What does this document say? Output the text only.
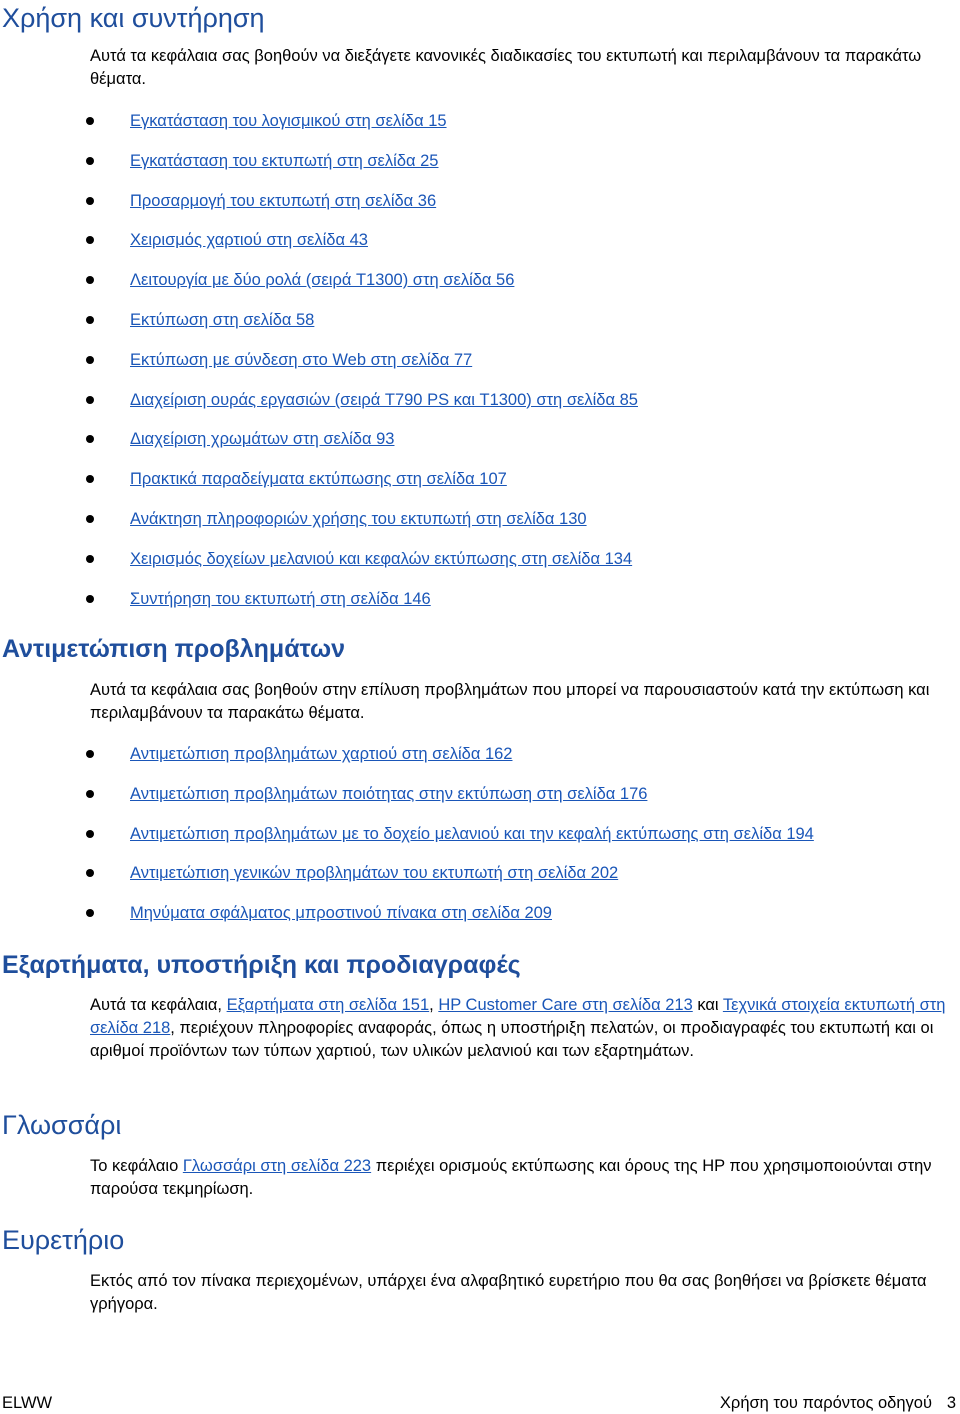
Χρήση και συντήρηση

Αυτά τα κεφάλαια σας βοηθούν να διεξάγετε κανονικές διαδικασίες του εκτυπωτή και περιλαμβάνουν τα παρακάτω θέματα.

Εγκατάσταση του λογισμικού στη σελίδα 15
Εγκατάσταση του εκτυπωτή στη σελίδα 25
Προσαρμογή του εκτυπωτή στη σελίδα 36
Χειρισμός χαρτιού στη σελίδα 43
Λειτουργία με δύο ρολά (σειρά T1300) στη σελίδα 56
Εκτύπωση στη σελίδα 58
Εκτύπωση με σύνδεση στο Web στη σελίδα 77
Διαχείριση ουράς εργασιών (σειρά T790 PS και T1300) στη σελίδα 85
Διαχείριση χρωμάτων στη σελίδα 93
Πρακτικά παραδείγματα εκτύπωσης στη σελίδα 107
Ανάκτηση πληροφοριών χρήσης του εκτυπωτή στη σελίδα 130
Χειρισμός δοχείων μελανιού και κεφαλών εκτύπωσης στη σελίδα 134
Συντήρηση του εκτυπωτή στη σελίδα 146
Αντιμετώπιση προβλημάτων

Αυτά τα κεφάλαια σας βοηθούν στην επίλυση προβλημάτων που μπορεί να παρουσιαστούν κατά την εκτύπωση και περιλαμβάνουν τα παρακάτω θέματα.

Αντιμετώπιση προβλημάτων χαρτιού στη σελίδα 162
Αντιμετώπιση προβλημάτων ποιότητας στην εκτύπωση στη σελίδα 176
Αντιμετώπιση προβλημάτων με το δοχείο μελανιού και την κεφαλή εκτύπωσης στη σελίδα 194
Αντιμετώπιση γενικών προβλημάτων του εκτυπωτή στη σελίδα 202
Μηνύματα σφάλματος μπροστινού πίνακα στη σελίδα 209
Εξαρτήματα, υποστήριξη και προδιαγραφές

Αυτά τα κεφάλαια, Εξαρτήματα στη σελίδα 151, HP Customer Care στη σελίδα 213 και Τεχνικά στοιχεία εκτυπωτή στη σελίδα 218, περιέχουν πληροφορίες αναφοράς, όπως η υποστήριξη πελατών, οι προδιαγραφές του εκτυπωτή και οι αριθμοί προϊόντων των τύπων χαρτιού, των υλικών μελανιού και των εξαρτημάτων.

Γλωσσάρι

Το κεφάλαιο Γλωσσάρι στη σελίδα 223 περιέχει ορισμούς εκτύπωσης και όρους της HP που χρησιμοποιούνται στην παρούσα τεκμηρίωση.

Ευρετήριο

Εκτός από τον πίνακα περιεχομένων, υπάρχει ένα αλφαβητικό ευρετήριο που θα σας βοηθήσει να βρίσκετε θέματα γρήγορα.

ELWW	Χρήση του παρόντος οδηγού 3
